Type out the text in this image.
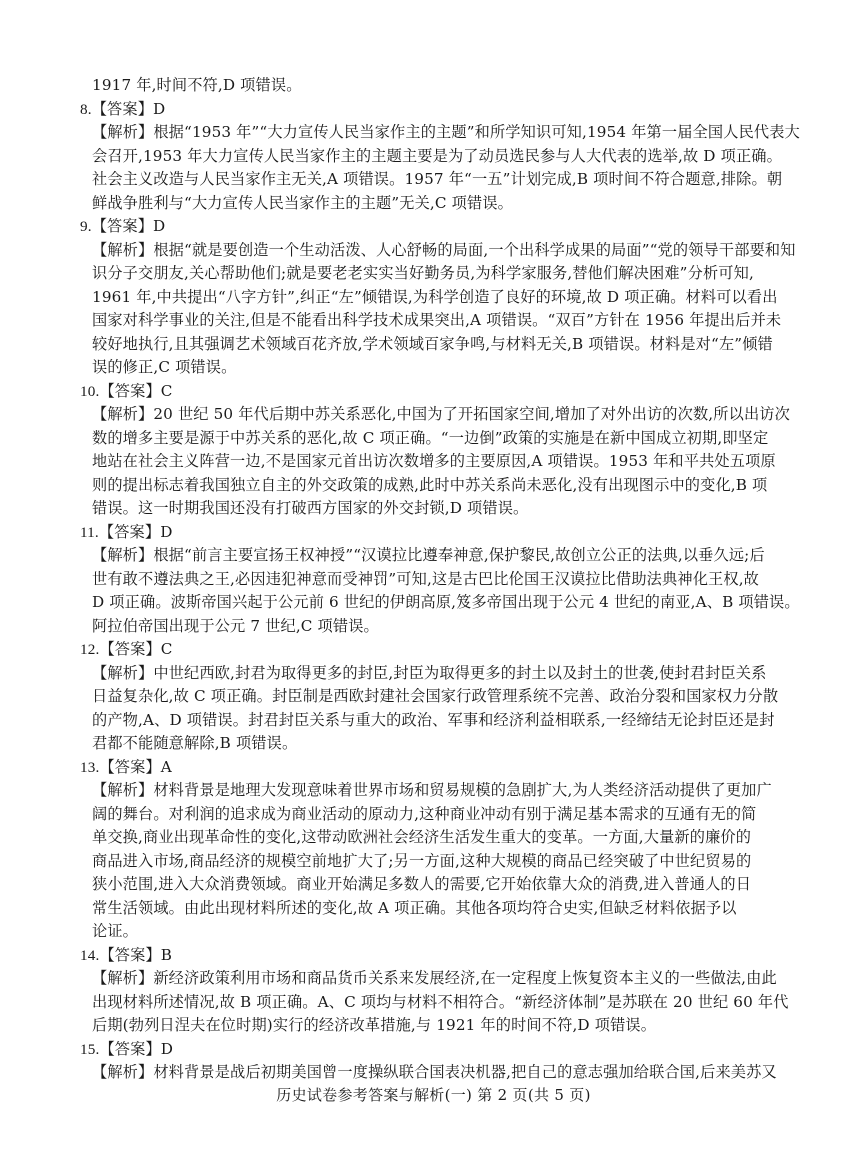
1917 年,时间不符,D 项错误。
8.【答案】D
【解析】根据“1953 年”“大力宣传人民当家作主的主题”和所学知识可知,1954 年第一届全国人民代表大
会召开,1953 年大力宣传人民当家作主的主题主要是为了动员选民参与人大代表的选举,故 D 项正确。
社会主义改造与人民当家作主无关,A 项错误。1957 年“一五”计划完成,B 项时间不符合题意,排除。朝
鲜战争胜利与“大力宣传人民当家作主的主题”无关,C 项错误。
9.【答案】D
【解析】根据“就是要创造一个生动活泼、人心舒畅的局面,一个出科学成果的局面”“党的领导干部要和知
识分子交朋友,关心帮助他们;就是要老老实实当好勤务员,为科学家服务,替他们解决困难”分析可知,
1961 年,中共提出“八字方针”,纠正“左”倾错误,为科学创造了良好的环境,故 D 项正确。材料可以看出
国家对科学事业的关注,但是不能看出科学技术成果突出,A 项错误。“双百”方针在 1956 年提出后并未
较好地执行,且其强调艺术领域百花齐放,学术领域百家争鸣,与材料无关,B 项错误。材料是对“左”倾错
误的修正,C 项错误。
10.【答案】C
【解析】20 世纪 50 年代后期中苏关系恶化,中国为了开拓国家空间,增加了对外出访的次数,所以出访次
数的增多主要是源于中苏关系的恶化,故 C 项正确。“一边倒”政策的实施是在新中国成立初期,即坚定
地站在社会主义阵营一边,不是国家元首出访次数增多的主要原因,A 项错误。1953 年和平共处五项原
则的提出标志着我国独立自主的外交政策的成熟,此时中苏关系尚未恶化,没有出现图示中的变化,B 项
错误。这一时期我国还没有打破西方国家的外交封锁,D 项错误。
11.【答案】D
【解析】根据“前言主要宣扬王权神授”“汉谟拉比遵奉神意,保护黎民,故创立公正的法典,以垂久远;后
世有敢不遵法典之王,必因违犯神意而受神罚”可知,这是古巴比伦国王汉谟拉比借助法典神化王权,故
D 项正确。波斯帝国兴起于公元前 6 世纪的伊朗高原,笈多帝国出现于公元 4 世纪的南亚,A、B 项错误。
阿拉伯帝国出现于公元 7 世纪,C 项错误。
12.【答案】C
【解析】中世纪西欧,封君为取得更多的封臣,封臣为取得更多的封土以及封土的世袭,使封君封臣关系
日益复杂化,故 C 项正确。封臣制是西欧封建社会国家行政管理系统不完善、政治分裂和国家权力分散
的产物,A、D 项错误。封君封臣关系与重大的政治、军事和经济利益相联系,一经缔结无论封臣还是封
君都不能随意解除,B 项错误。
13.【答案】A
【解析】材料背景是地理大发现意味着世界市场和贸易规模的急剧扩大,为人类经济活动提供了更加广
阔的舞台。对利润的追求成为商业活动的原动力,这种商业冲动有别于满足基本需求的互通有无的简
单交换,商业出现革命性的变化,这带动欧洲社会经济生活发生重大的变革。一方面,大量新的廉价的
商品进入市场,商品经济的规模空前地扩大了;另一方面,这种大规模的商品已经突破了中世纪贸易的
狭小范围,进入大众消费领域。商业开始满足多数人的需要,它开始依靠大众的消费,进入普通人的日
常生活领域。由此出现材料所述的变化,故 A 项正确。其他各项均符合史实,但缺乏材料依据予以
论证。
14.【答案】B
【解析】新经济政策利用市场和商品货币关系来发展经济,在一定程度上恢复资本主义的一些做法,由此
出现材料所述情况,故 B 项正确。A、C 项均与材料不相符合。“新经济体制”是苏联在 20 世纪 60 年代
后期(勃列日涅夫在位时期)实行的经济改革措施,与 1921 年的时间不符,D 项错误。
15.【答案】D
【解析】材料背景是战后初期美国曾一度操纵联合国表决机器,把自己的意志强加给联合国,后来美苏又
历史试卷参考答案与解析(一) 第 2 页(共 5 页)
